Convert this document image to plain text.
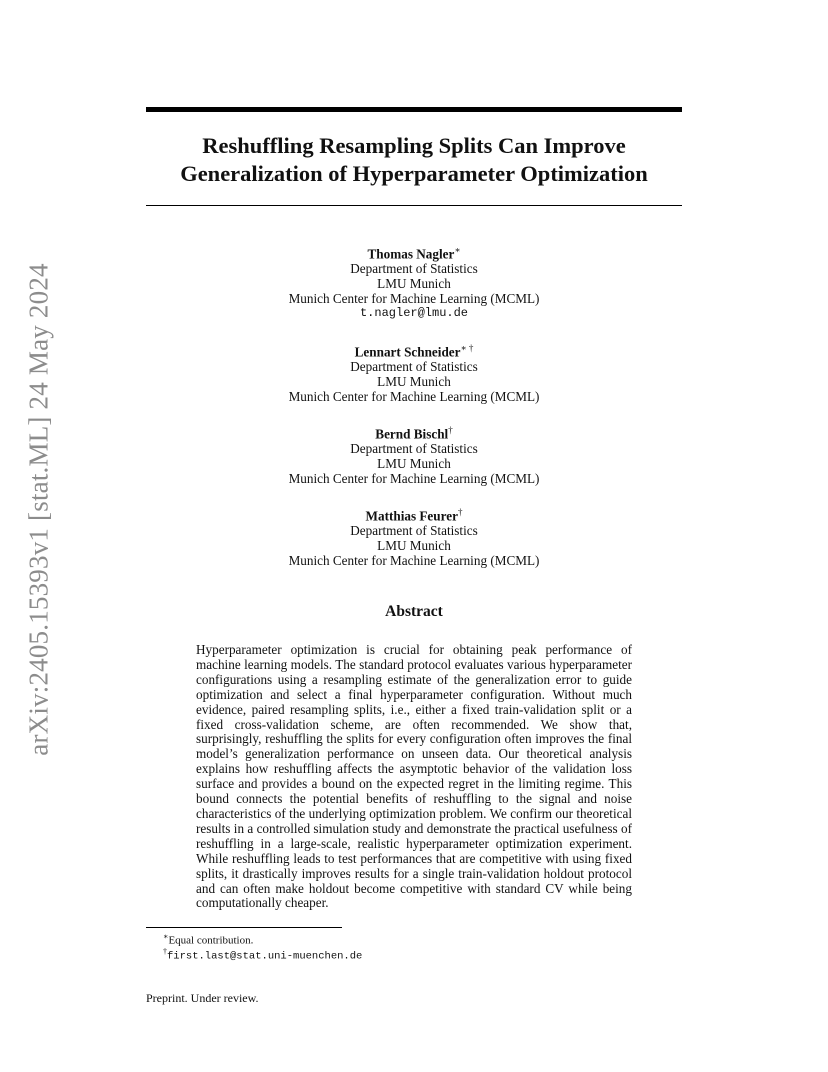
arXiv:2405.15393v1 [stat.ML] 24 May 2024
Reshuffling Resampling Splits Can Improve
Generalization of Hyperparameter Optimization
Thomas Nagler∗
Department of Statistics
LMU Munich
Munich Center for Machine Learning (MCML)
t.nagler@lmu.de
Lennart Schneider∗ †
Department of Statistics
LMU Munich
Munich Center for Machine Learning (MCML)
Bernd Bischl†
Department of Statistics
LMU Munich
Munich Center for Machine Learning (MCML)
Matthias Feurer†
Department of Statistics
LMU Munich
Munich Center for Machine Learning (MCML)
Abstract
Hyperparameter optimization is crucial for obtaining peak performance of machine learning models. The standard protocol evaluates various hyperparameter configurations using a resampling estimate of the generalization error to guide optimization and select a final hyperparameter configuration. Without much evidence, paired resampling splits, i.e., either a fixed train-validation split or a fixed cross-validation scheme, are often recommended. We show that, surprisingly, reshuffling the splits for every configuration often improves the final model’s generalization performance on unseen data. Our theoretical analysis explains how reshuffling affects the asymptotic behavior of the validation loss surface and provides a bound on the expected regret in the limiting regime. This bound connects the potential benefits of reshuffling to the signal and noise characteristics of the underlying optimization problem. We confirm our theoretical results in a controlled simulation study and demonstrate the practical usefulness of reshuffling in a large-scale, realistic hyperparameter optimization experiment. While reshuffling leads to test performances that are competitive with using fixed splits, it drastically improves results for a single train-validation holdout protocol and can often make holdout become competitive with standard CV while being computationally cheaper.
∗Equal contribution.
†first.last@stat.uni-muenchen.de
Preprint. Under review.
